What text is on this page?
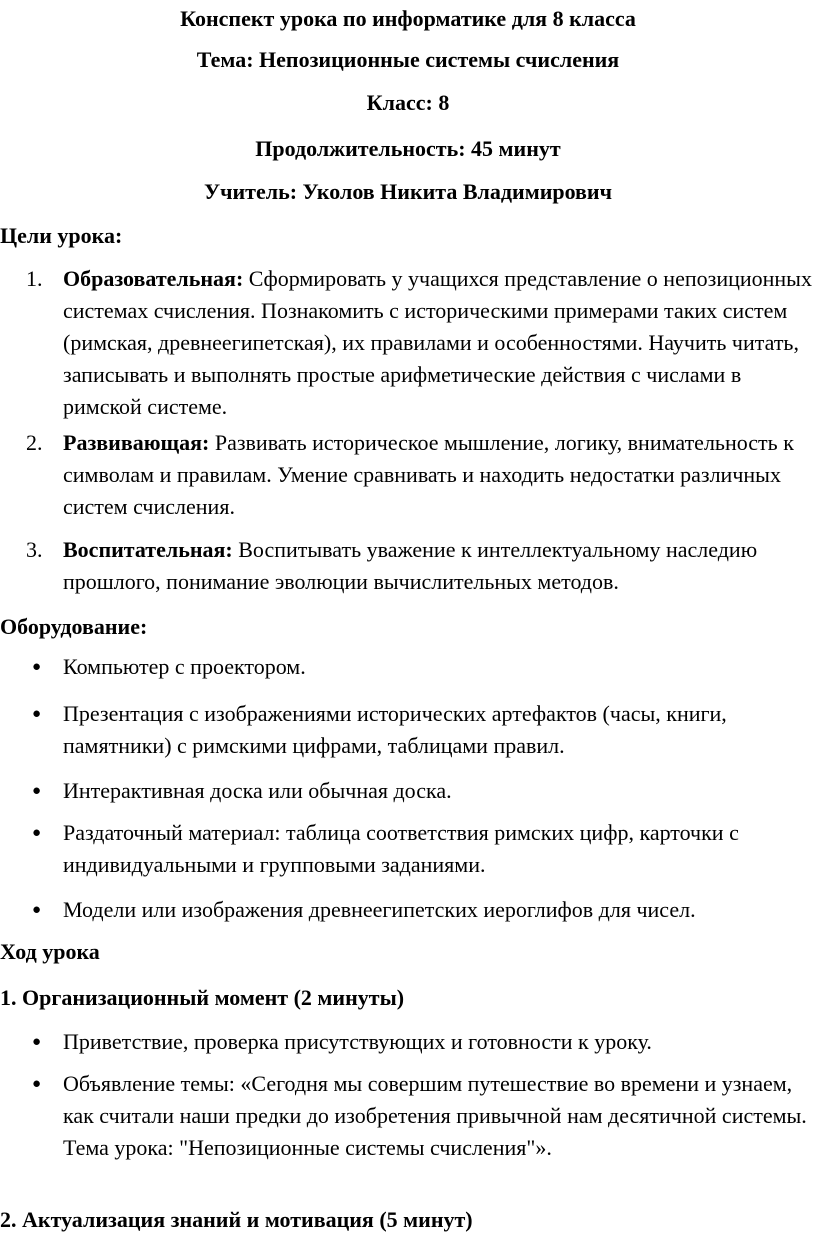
Конспект урока по информатике для 8 класса

Тема: Непозиционные системы счисления

Класс: 8

Продолжительность: 45 минут

Учитель: Уколов Никита Владимирович

Цели урока:

1. Образовательная: Сформировать у учащихся представление о непозиционных системах счисления. Познакомить с историческими примерами таких систем (римская, древнеегипетская), их правилами и особенностями. Научить читать, записывать и выполнять простые арифметические действия с числами в римской системе.

2. Развивающая: Развивать историческое мышление, логику, внимательность к символам и правилам. Умение сравнивать и находить недостатки различных систем счисления.

3. Воспитательная: Воспитывать уважение к интеллектуальному наследию прошлого, понимание эволюции вычислительных методов.

Оборудование:

● Компьютер с проектором.

● Презентация с изображениями исторических артефактов (часы, книги, памятники) с римскими цифрами, таблицами правил.

● Интерактивная доска или обычная доска.

● Раздаточный материал: таблица соответствия римских цифр, карточки с индивидуальными и групповыми заданиями.

● Модели или изображения древнеегипетских иероглифов для чисел.

Ход урока

1. Организационный момент (2 минуты)

● Приветствие, проверка присутствующих и готовности к уроку.

● Объявление темы: «Сегодня мы совершим путешествие во времени и узнаем, как считали наши предки до изобретения привычной нам десятичной системы. Тема урока: "Непозиционные системы счисления"».

2. Актуализация знаний и мотивация (5 минут)
